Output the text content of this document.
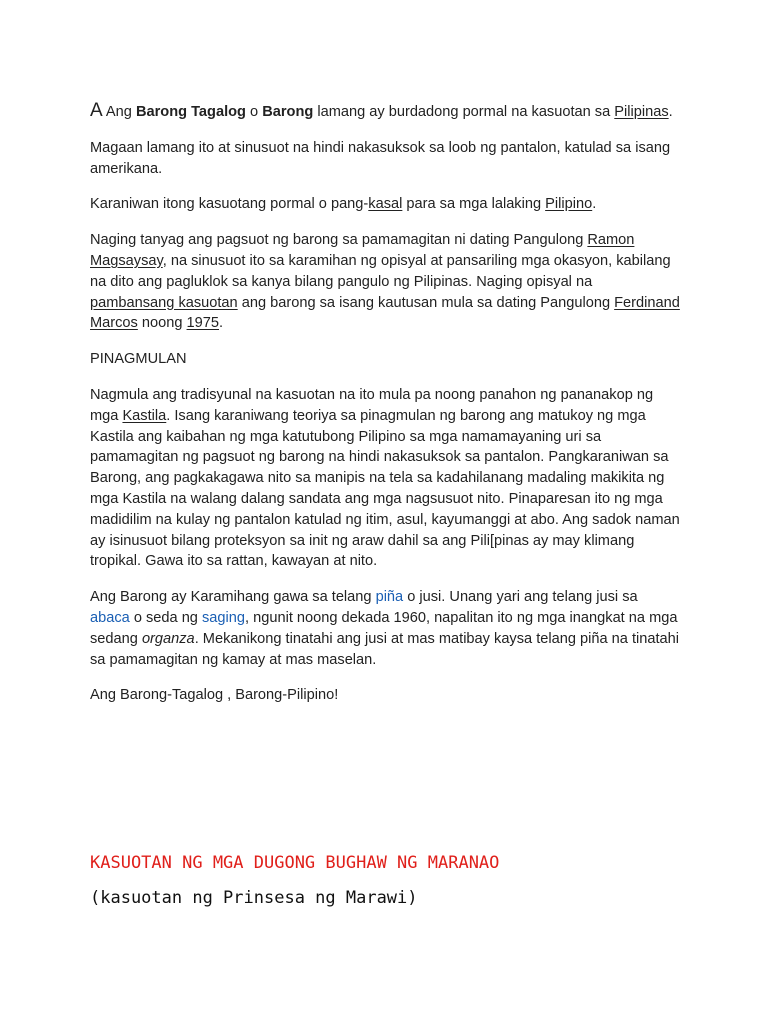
A Ang Barong Tagalog o Barong lamang ay burdadong pormal na kasuotan sa Pilipinas.

Magaan lamang ito at sinusuot na hindi nakasuksok sa loob ng pantalon, katulad sa isang amerikana.

Karaniwan itong kasuotang pormal o pang-kasal para sa mga lalaking Pilipino.

Naging tanyag ang pagsuot ng barong sa pamamagitan ni dating Pangulong Ramon Magsaysay, na sinusuot ito sa karamihan ng opisyal at pansariling mga okasyon, kabilang na dito ang pagluklok sa kanya bilang pangulo ng Pilipinas. Naging opisyal na pambansang kasuotan ang barong sa isang kautusan mula sa dating Pangulong Ferdinand Marcos noong 1975.

PINAGMULAN

Nagmula ang tradisyunal na kasuotan na ito mula pa noong panahon ng pananakop ng mga Kastila. Isang karaniwang teoriya sa pinagmulan ng barong ang matukoy ng mga Kastila ang kaibahan ng mga katutubong Pilipino sa mga namamayaning uri sa pamamagitan ng pagsuot ng barong na hindi nakasuksok sa pantalon. Pangkaraniwan sa Barong, ang pagkakagawa nito sa manipis na tela sa kadahilanang madaling makikita ng mga Kastila na walang dalang sandata ang mga nagsusuot nito. Pinaparesan ito ng mga madidilim na kulay ng pantalon katulad ng itim, asul, kayumanggi at abo. Ang sadok naman ay isinusuot bilang proteksyon sa init ng araw dahil sa ang Pili[pinas ay may klimang tropikal. Gawa ito sa rattan, kawayan at nito.

Ang Barong ay Karamihang gawa sa telang piña o jusi. Unang yari ang telang jusi sa abaca o seda ng saging, ngunit noong dekada 1960, napalitan ito ng mga inangkat na mga sedang organza. Mekanikong tinatahi ang jusi at mas matibay kaysa telang piña na tinatahi sa pamamagitan ng kamay at mas maselan.

Ang Barong-Tagalog , Barong-Pilipino!

KASUOTAN NG MGA DUGONG BUGHAW NG MARANAO
(kasuotan ng Prinsesa ng Marawi)
